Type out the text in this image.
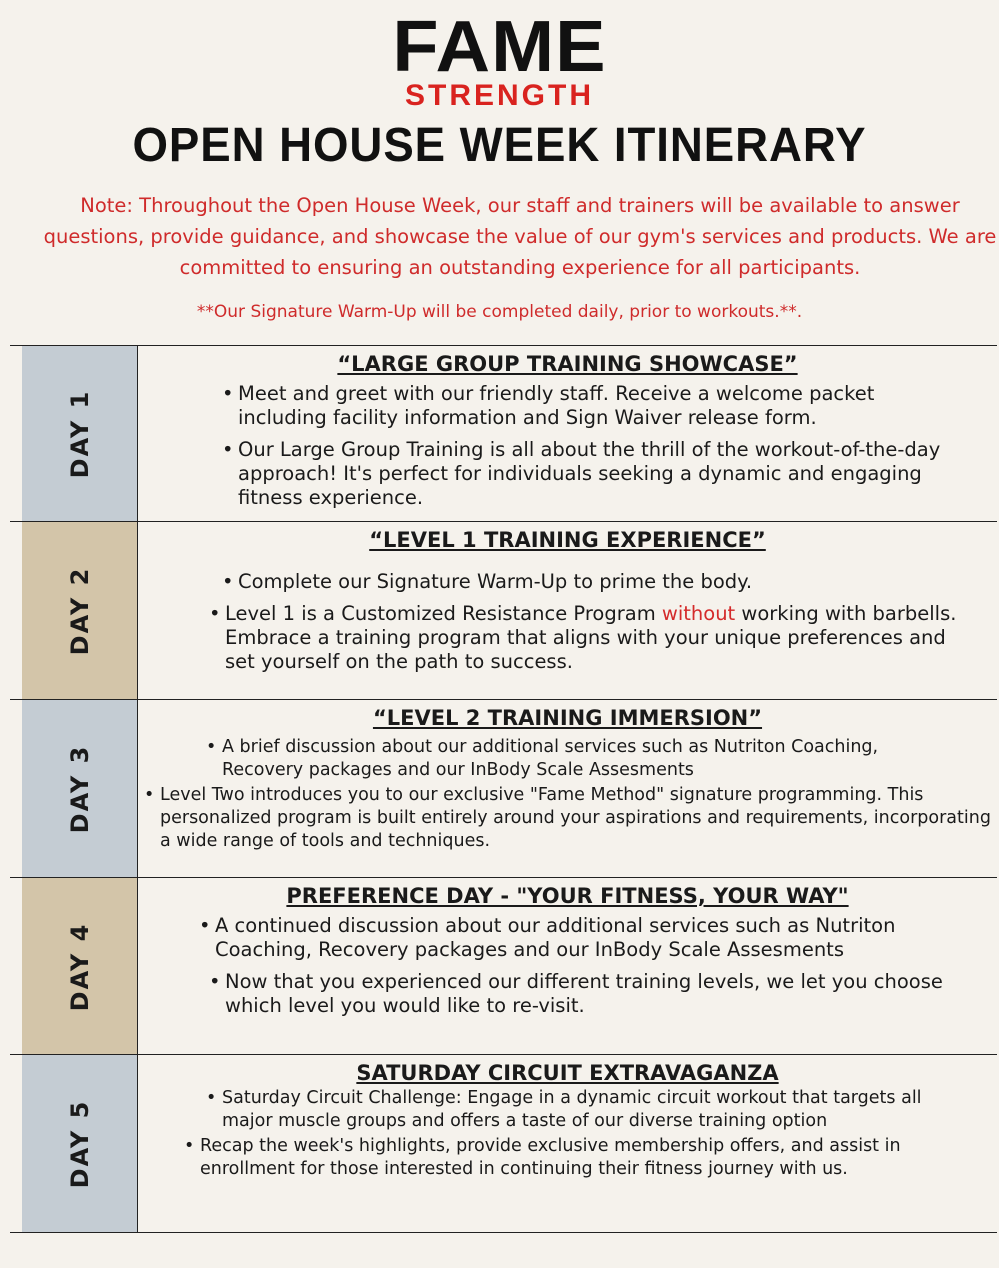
FAME
STRENGTH
OPEN HOUSE WEEK ITINERARY
Note: Throughout the Open House Week, our staff and trainers will be available to answer questions, provide guidance, and showcase the value of our gym's services and products. We are committed to ensuring an outstanding experience for all participants.
**Our Signature Warm-Up will be completed daily, prior to workouts.**.
DAY 1
“LARGE GROUP TRAINING SHOWCASE”
• Meet and greet with our friendly staff. Receive a welcome packet including facility information and Sign Waiver release form.
• Our Large Group Training is all about the thrill of the workout-of-the-day approach! It's perfect for individuals seeking a dynamic and engaging fitness experience.
DAY 2
“LEVEL 1 TRAINING EXPERIENCE”
• Complete our Signature Warm-Up to prime the body.
• Level 1 is a Customized Resistance Program without working with barbells. Embrace a training program that aligns with your unique preferences and set yourself on the path to success.
DAY 3
“LEVEL 2 TRAINING IMMERSION”
• A brief discussion about our additional services such as Nutriton Coaching, Recovery packages and our InBody Scale Assesments
• Level Two introduces you to our exclusive "Fame Method" signature programming. This personalized program is built entirely around your aspirations and requirements, incorporating a wide range of tools and techniques.
DAY 4
PREFERENCE DAY - "YOUR FITNESS, YOUR WAY"
• A continued discussion about our additional services such as Nutriton Coaching, Recovery packages and our InBody Scale Assesments
• Now that you experienced our different training levels, we let you choose which level you would like to re-visit.
DAY 5
SATURDAY CIRCUIT EXTRAVAGANZA
• Saturday Circuit Challenge: Engage in a dynamic circuit workout that targets all major muscle groups and offers a taste of our diverse training option
• Recap the week's highlights, provide exclusive membership offers, and assist in enrollment for those interested in continuing their fitness journey with us.
